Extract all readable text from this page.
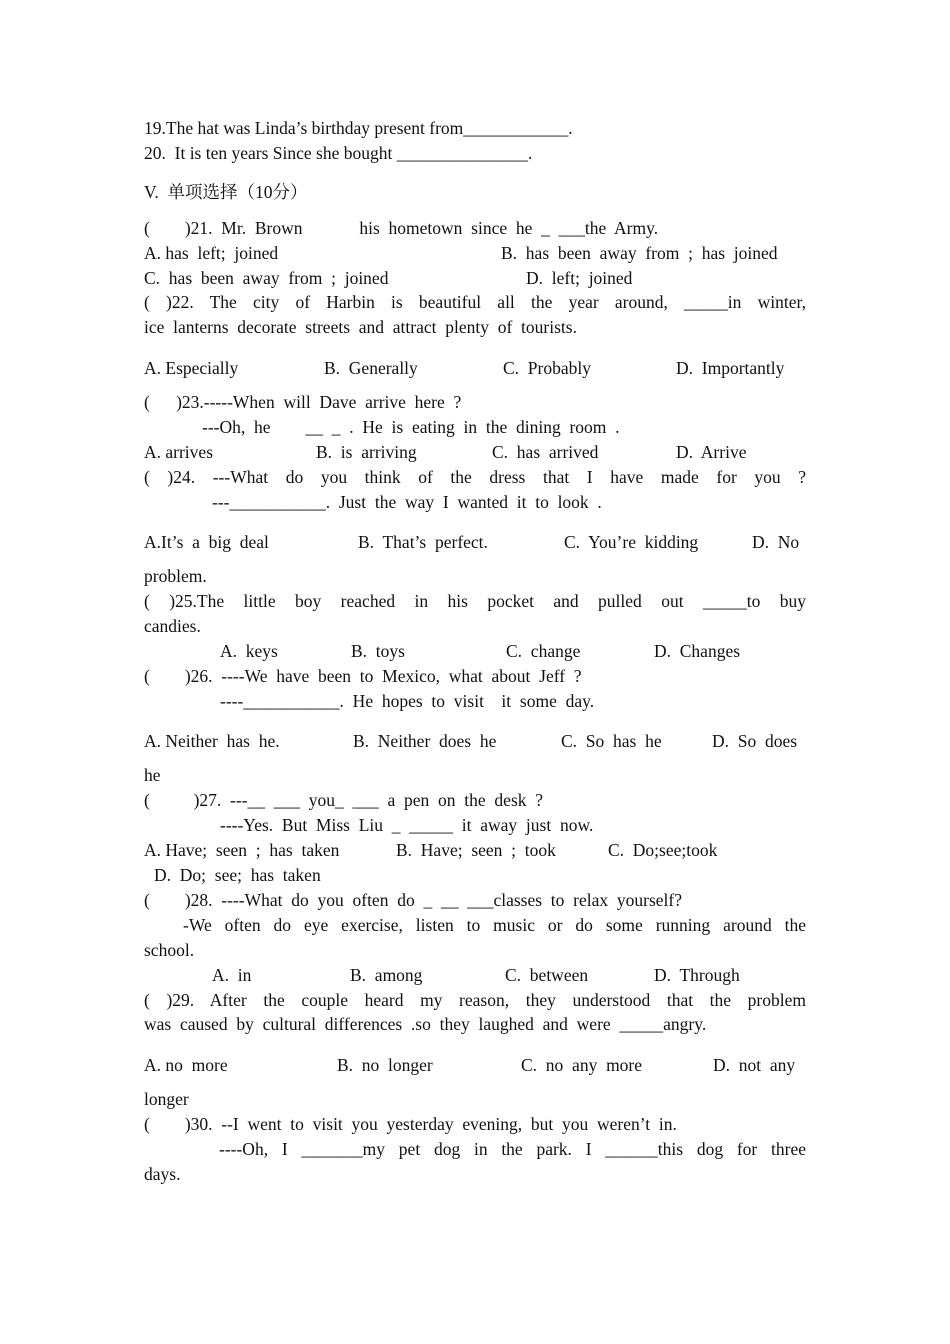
19.The hat was Linda’s birthday present from____________.
20.  It is ten years Since she bought _______________.
V.  单项选择（10分）
(        )21.  Mr.  Brown             his  hometown  since  he  _  ___the  Army.
A. has  left;  joined	B.  has  been  away  from  ;  has  joined
C.  has  been  away  from  ;  joined	D.  left;  joined
( )22. The city of Harbin is beautiful all the year around, _____in winter,
ice  lanterns  decorate  streets  and  attract  plenty  of  tourists.
A. Especially	B.  Generally	C.  Probably	D.  Importantly
(      )23.-----When  will  Dave  arrive  here  ?
---Oh,  he        __  _  .  He  is  eating  in  the  dining  room  .
A. arrives	B.  is  arriving	C.  has  arrived	D.  Arrive
( )24. ---What do you think of the dress that I have made for you ?
---___________.  Just  the  way  I  wanted  it  to  look  .
A.It’s  a  big  deal	B.  That’s  perfect.	C.  You’re  kidding	D.  No
problem.
( )25.The little boy reached in his pocket and pulled out _____to buy
candies.
A.  keys	B.  toys	C.  change	D.  Changes
(        )26.  ----We  have  been  to  Mexico,  what  about  Jeff  ?
----___________.  He  hopes  to  visit    it  some  day.
A. Neither  has  he.	B.  Neither  does  he	C.  So  has  he	D.  So  does
he
(          )27.  ---__  ___  you_  ___  a  pen  on  the  desk  ?
----Yes.  But  Miss  Liu  _  _____  it  away  just  now.
A. Have;  seen  ;  has  taken	B.  Have;  seen  ;  took	C.  Do;see;took
D.  Do;  see;  has  taken
(        )28.  ----What  do  you  often  do  _  __  ___classes  to  relax  yourself?
-We often do eye exercise, listen to music or do some running around the
school.
A.  in	B.  among	C.  between	D.  Through
( )29. After the couple heard my reason, they understood that the problem
was  caused  by  cultural  differences  .so  they  laughed  and  were  _____angry.
A. no  more	B.  no  longer	C.  no  any  more	D.  not  any
longer
(        )30.  --I  went  to  visit  you  yesterday  evening,  but  you  weren’t  in.
----Oh, I _______my pet dog in the park. I ______this dog for three
days.
